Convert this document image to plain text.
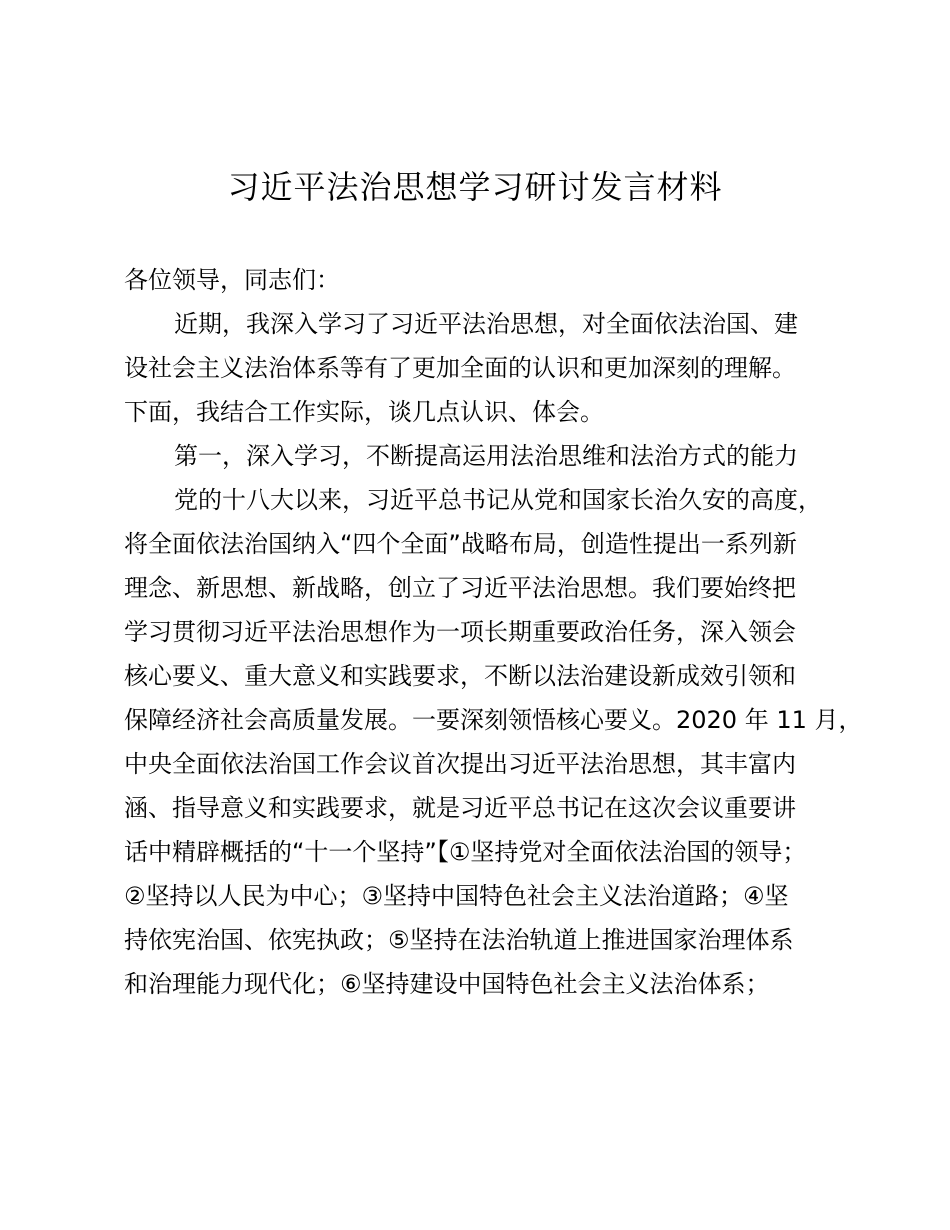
习近平法治思想学习研讨发言材料
各位领导，同志们：
近期，我深入学习了习近平法治思想，对全面依法治国、建
设社会主义法治体系等有了更加全面的认识和更加深刻的理解。
下面，我结合工作实际，谈几点认识、体会。
第一，深入学习，不断提高运用法治思维和法治方式的能力
党的十八大以来，习近平总书记从党和国家长治久安的高度，
将全面依法治国纳入“四个全面”战略布局，创造性提出一系列新
理念、新思想、新战略，创立了习近平法治思想。我们要始终把
学习贯彻习近平法治思想作为一项长期重要政治任务，深入领会
核心要义、重大意义和实践要求，不断以法治建设新成效引领和
保障经济社会高质量发展。一要深刻领悟核心要义。2020 年 11 月，
中央全面依法治国工作会议首次提出习近平法治思想，其丰富内
涵、指导意义和实践要求，就是习近平总书记在这次会议重要讲
话中精辟概括的“十一个坚持”【①坚持党对全面依法治国的领导；
②坚持以人民为中心；③坚持中国特色社会主义法治道路；④坚
持依宪治国、依宪执政；⑤坚持在法治轨道上推进国家治理体系
和治理能力现代化；⑥坚持建设中国特色社会主义法治体系；
